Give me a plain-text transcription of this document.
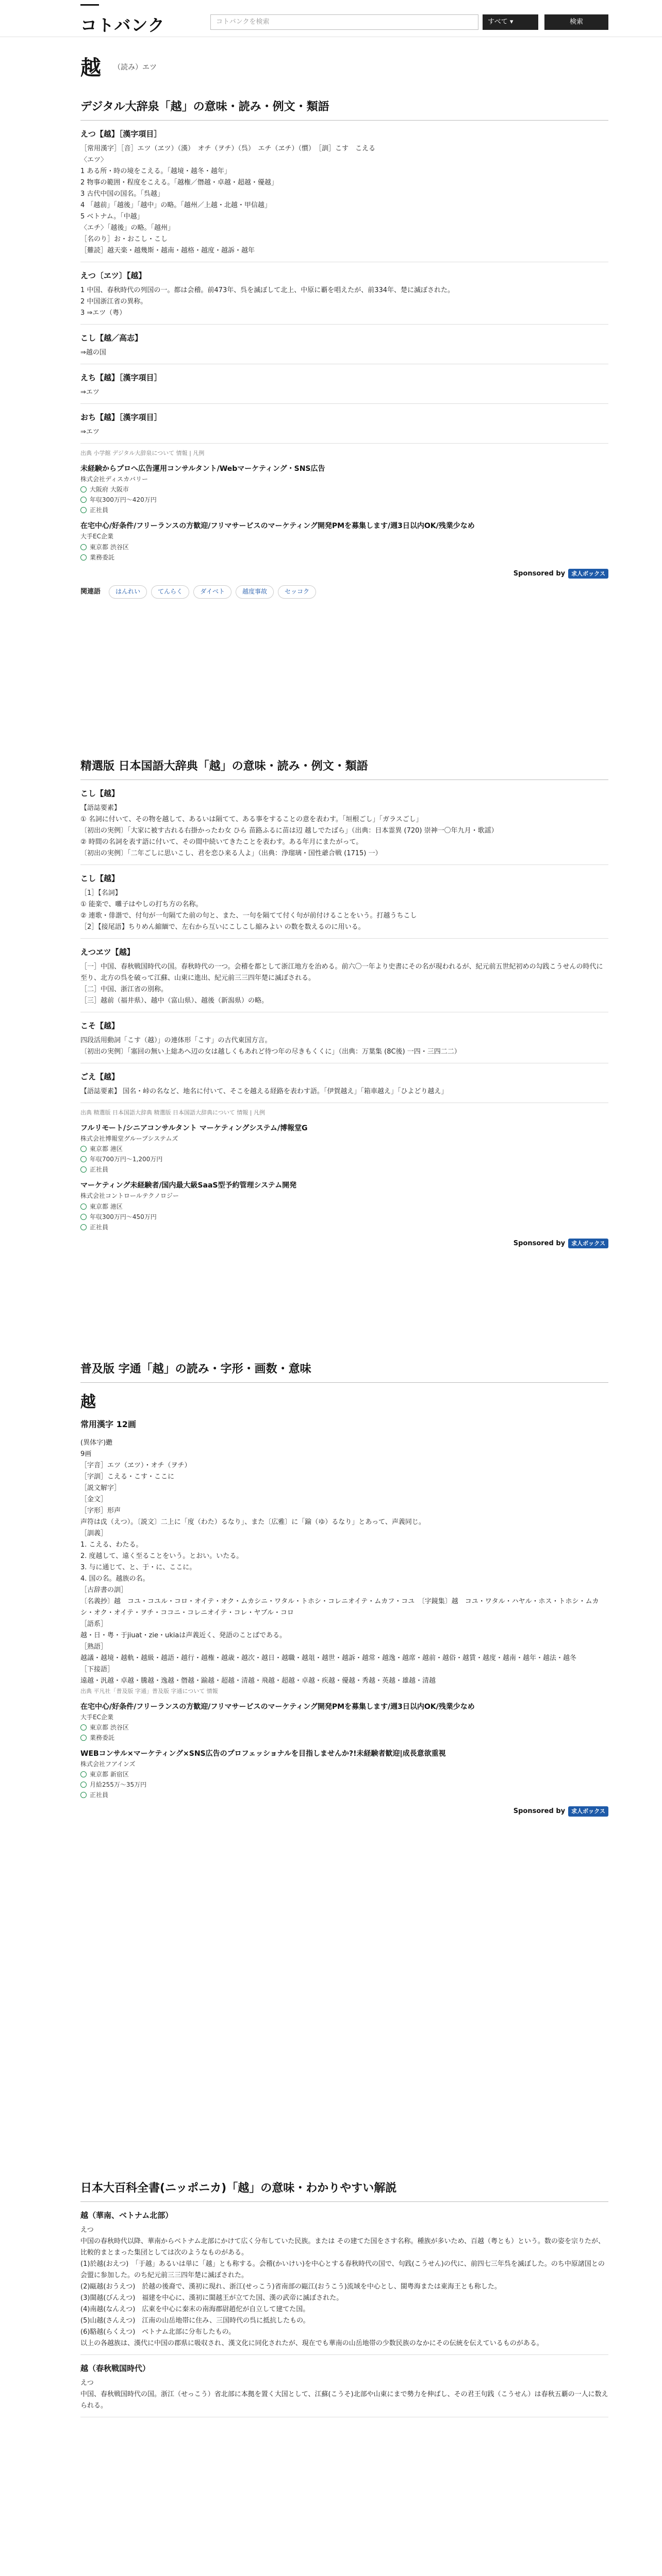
コトバンク	コトバンクを検索	すべて ▾	検索
越 （読み）エツ
デジタル大辞泉「越」の意味・読み・例文・類語
えつ【越】［漢字項目］
［常用漢字］［音］エツ（ヱツ）（漢）　オチ（ヲチ）（呉）　エチ（ヱチ）（慣）　［訓］こす　こえる
〈エツ〉
1 ある所・時の境をこえる。「越境・越冬・越年」
2 物事の範囲・程度をこえる。「越権／僭越・卓越・超越・優越」
3 古代中国の国名。「呉越」
4 「越前」「越後」「越中」の略。「越州／上越・北越・甲信越」
5 ベトナム。「中越」
〈エチ〉「越後」の略。「越州」
［名のり］お・おこし・こし
［難読］越天楽・越幾斯・越南・越格・越度・越訴・越年
えつ〔ヱツ〕【越】
1 中国、春秋時代の列国の一。都は会稽。前473年、呉を滅ぼして北上、中原に覇を唱えたが、前334年、楚に滅ぼされた。
2 中国浙江省の異称。
3 ⇒エツ（粤）
こし【越／高志】
⇒越の国
えち【越】［漢字項目］
⇒エツ
おち【越】［漢字項目］
⇒エツ
出典 小学館 デジタル大辞泉について 情報 | 凡例
未経験からプロへ広告運用コンサルタント/Webマーケティング・SNS広告
株式会社ディスカバリー
大阪府 大阪市
年収300万円〜420万円
正社員
在宅中心/好条件/フリーランスの方歓迎/フリマサービスのマーケティング開発PMを募集します/週3日以内OK/残業少なめ
大手EC企業
東京都 渋谷区
業務委託
Sponsored by 求人ボックス
関連語 はんれい	てんらく	ダイベト	越度事故	セッコク
精選版 日本国語大辞典「越」の意味・読み・例文・類語
こし【越】
【語誌要素】
① 名詞に付いて、その物を越して、あるいは隔てて、ある事をすることの意を表わす。「垣根ごし」「ガラスごし」
〔初出の実例〕「大家に被す古れる右掛かったわ女 ひら 苗路ふるに苗は辺 越しでたばら」（出典：日本霊異 (720) 崇神一〇年九月・歌謡）
② 時間の名詞を表す語に付いて、その間中続いてきたことを表わす。ある年月にまたがって。
〔初出の実例〕「二年ごしに思いこし、君を恋ひ来る人よ」（出典：浄瑠璃・国性爺合戦 (1715) 一）
こし【越】
［1］【名詞】
① 能楽で、囃子はやしの打ち方の名称。
② 連歌・俳諧で、付句が一句隔てた前の句と、また、一句を隔てて付く句が前付けることをいう。打越うちこし
［2］【接尾語】ちりめん縮緬で、左右から互いにこしこし縮みよい の数を数えるのに用いる。
えつヱツ【越】
［一］中国、春秋戦国時代の国。春秋時代の一つ。会稽を都として浙江地方を治める。前六〇一年より史書にその名が現われるが、紀元前五世紀初めの勾践こうせんの時代に至り、北方の呉を破って江蘇、山東に進出、紀元前三三四年楚に滅ぼされる。
［二］中国、浙江省の別称。
［三］越前（福井県）、越中（富山県）、越後（新潟県）の略。
こそ【越】
四段活用動詞「こす（越）」の連体形「こす」の古代東国方言。
〔初出の実例〕「塞回の無い上総あへ辺の女は越しくもあれど待つ年の尽きもくくに」（出典：万葉集 (8C後) 一四・三四二二）
ごえ【越】
【語誌要素】 国名・峠の名など、地名に付いて、そこを越える経路を表わす語。「伊賀越え」「箱車越え」「ひよどり越え」
出典 精選版 日本国語大辞典 精選版 日本国語大辞典について 情報 | 凡例
フルリモート/シニアコンサルタント マーケティングシステム/博報堂G
株式会社博報堂グループシステムズ
東京都 港区
年収700万円〜1,200万円
正社員
マーケティング未経験者/国内最大級SaaS型予約管理システム開発
株式会社コントロールテクノロジー
東京都 港区
年収300万円〜450万円
正社員
Sponsored by 求人ボックス
普及版 字通「越」の読み・字形・画数・意味
越
常用漢字 12画
(異体字)𨖍
9画
［字音］エツ（ヱツ）・オチ（ヲチ）
［字訓］こえる・こす・ここに
［説文解字］
［金文］
［字形］形声
声符は戉（えつ）。〔説文〕二上に「度（わた）るなり」、また〔広雅〕に「踰（ゆ）るなり」とあって、声義同じ。
［訓義］
1. こえる、わたる。
2. 度越して、遠く至ることをいう。とおい。いたる。
3. 与に通じて、と、于・に、ここに。
4. 国の名。越族の名。
［古辞書の訓］
〔名義抄〕越　コユ・コユル・コロ・オイテ・オク・ムカシニ・ワタル・トホシ・コレニオイテ・ムカフ・コユ　〔字鏡集〕越　コユ・ワタル・ハヤル・ホス・トホシ・ムカシ・オク・オイテ・ヲチ・ココニ・コレニオイテ・コレ・ヤブル・コロ
［語系］
越・日・粤・于jiuat・zie・ukiaは声義近く、発語のことばである。
［熟語］
越議・越境・越軌・越級・越語・越行・越権・越歳・越次・越日・越職・越俎・越世・越訴・越常・越逸・越席・越前・越俗・越賃・越度・越南・越年・越法・越冬
［下接語］
遠越・汎越・卓越・騰越・逸越・僭越・踰越・超越・清越・飛越・超越・卓越・疾越・優越・秀越・英越・雄越・清越
出典 平凡社「普及版 字通」普及版 字通について 情報
在宅中心/好条件/フリーランスの方歓迎/フリマサービスのマーケティング開発PMを募集します/週3日以内OK/残業少なめ
大手EC企業
東京都 渋谷区
業務委託
WEBコンサル×マーケティング×SNS広告のプロフェッショナルを目指しませんか?!未経験者歓迎|成長意欲重視
株式会社フアインズ
東京都 新宿区
月給255万〜35万円
正社員
Sponsored by 求人ボックス
日本大百科全書(ニッポニカ)「越」の意味・わかりやすい解説
越（華南、ベトナム北部）
えつ
中国の春秋時代以降、華南からベトナム北部にかけて広く分布していた民族。または その建てた国をさす名称。種族が多いため、百越（粤とも）という。数の姿を宗りたが、比較的まとまった集団としては次のようなものがある。
(1)於越(おえつ)　「于越」あるいは単に「越」とも称する。会稽(かいけい)を中心とする春秋時代の国で、句践(こうせん)の代に、前四七三年呉を滅ぼした。のち中原諸国との会盟に参加した。のち紀元前三三四年楚に滅ぼされた。
(2)甌越(おうえつ)　於越の後裔で、漢初に現れ、浙江(せっこう)省南部の甌江(おうこう)流域を中心とし、閩粤海または東海王とも称した。
(3)閩越(びんえつ)　福建を中心に、漢初に閩越王が立てた国、漢の武帝に滅ぼされた。
(4)南越(なんえつ)　広東を中心に秦末の南海郡尉趙佗が自立して建てた国。
(5)山越(さんえつ)　江南の山岳地帯に住み、三国時代の呉に抵抗したもの。
(6)駱越(らくえつ)　ベトナム北部に分布したもの。
以上の各越族は、漢代に中国の郡県に吸収され、漢文化に同化されたが、現在でも華南の山岳地帯の少数民族のなかにその伝統を伝えているものがある。
越（春秋戦国時代）
えつ
中国、春秋戦国時代の国。浙江（せっこう）省北部に本拠を置く大国として、江蘇(こうそ)北部や山東にまで勢力を伸ばし、その君王句践（こうせん）は春秋五覇の一人に数えられる。
